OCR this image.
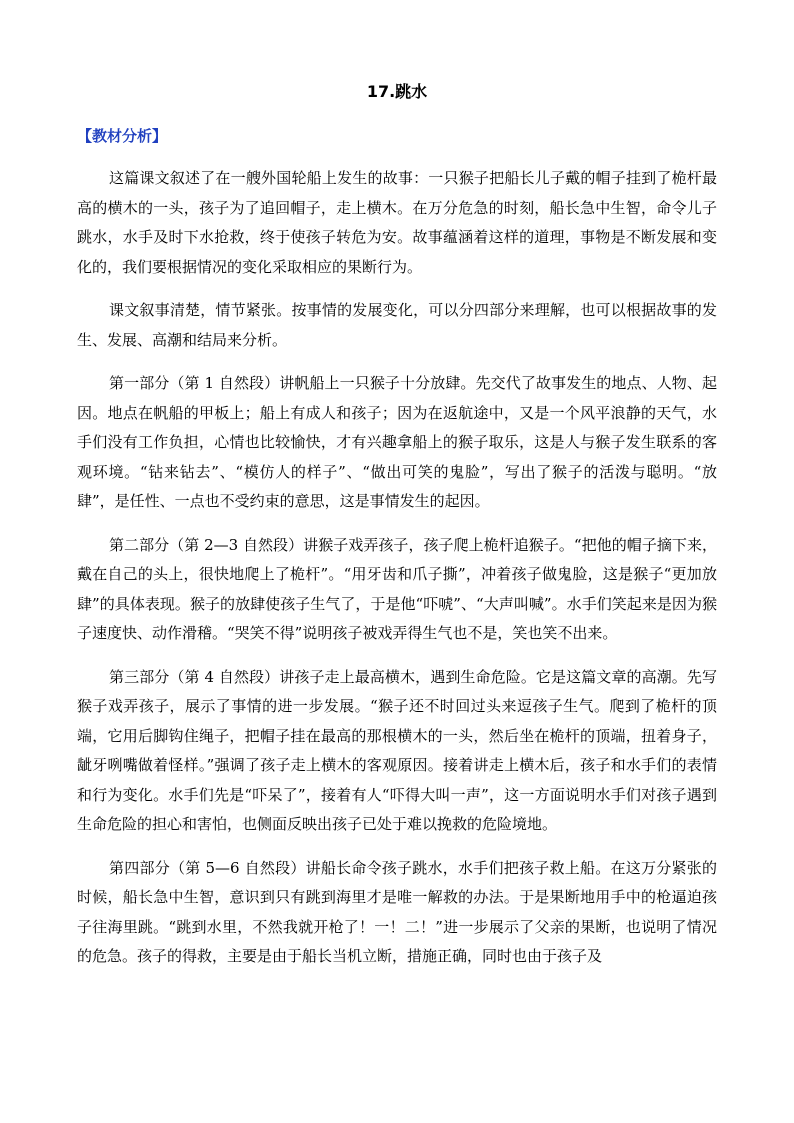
17.跳水
【教材分析】

这篇课文叙述了在一艘外国轮船上发生的故事：一只猴子把船长儿子戴的帽子挂到了桅杆最高的横木的一头，孩子为了追回帽子，走上横木。在万分危急的时刻，船长急中生智，命令儿子跳水，水手及时下水抢救，终于使孩子转危为安。故事蕴涵着这样的道理，事物是不断发展和变化的，我们要根据情况的变化采取相应的果断行为。

课文叙事清楚，情节紧张。按事情的发展变化，可以分四部分来理解，也可以根据故事的发生、发展、高潮和结局来分析。

第一部分（第 1 自然段）讲帆船上一只猴子十分放肆。先交代了故事发生的地点、人物、起因。地点在帆船的甲板上；船上有成人和孩子；因为在返航途中，又是一个风平浪静的天气，水手们没有工作负担，心情也比较愉快，才有兴趣拿船上的猴子取乐，这是人与猴子发生联系的客观环境。“钻来钻去”、“模仿人的样子”、“做出可笑的鬼脸”，写出了猴子的活泼与聪明。“放肆”，是任性、一点也不受约束的意思，这是事情发生的起因。

第二部分（第 2—3 自然段）讲猴子戏弄孩子，孩子爬上桅杆追猴子。“把他的帽子摘下来，戴在自己的头上，很快地爬上了桅杆”。“用牙齿和爪子撕”，冲着孩子做鬼脸，这是猴子“更加放肆”的具体表现。猴子的放肆使孩子生气了，于是他“吓唬”、“大声叫喊”。水手们笑起来是因为猴子速度快、动作滑稽。“哭笑不得”说明孩子被戏弄得生气也不是，笑也笑不出来。

第三部分（第 4 自然段）讲孩子走上最高横木，遇到生命危险。它是这篇文章的高潮。先写猴子戏弄孩子，展示了事情的进一步发展。“猴子还不时回过头来逗孩子生气。爬到了桅杆的顶端，它用后脚钩住绳子，把帽子挂在最高的那根横木的一头，然后坐在桅杆的顶端，扭着身子，龇牙咧嘴做着怪样。”强调了孩子走上横木的客观原因。接着讲走上横木后，孩子和水手们的表情和行为变化。水手们先是“吓呆了”，接着有人“吓得大叫一声”，这一方面说明水手们对孩子遇到生命危险的担心和害怕，也侧面反映出孩子已处于难以挽救的危险境地。

第四部分（第 5—6 自然段）讲船长命令孩子跳水，水手们把孩子救上船。在这万分紧张的时候，船长急中生智，意识到只有跳到海里才是唯一解救的办法。于是果断地用手中的枪逼迫孩子往海里跳。“跳到水里，不然我就开枪了！一！二！”进一步展示了父亲的果断，也说明了情况的危急。孩子的得救，主要是由于船长当机立断，措施正确，同时也由于孩子及
